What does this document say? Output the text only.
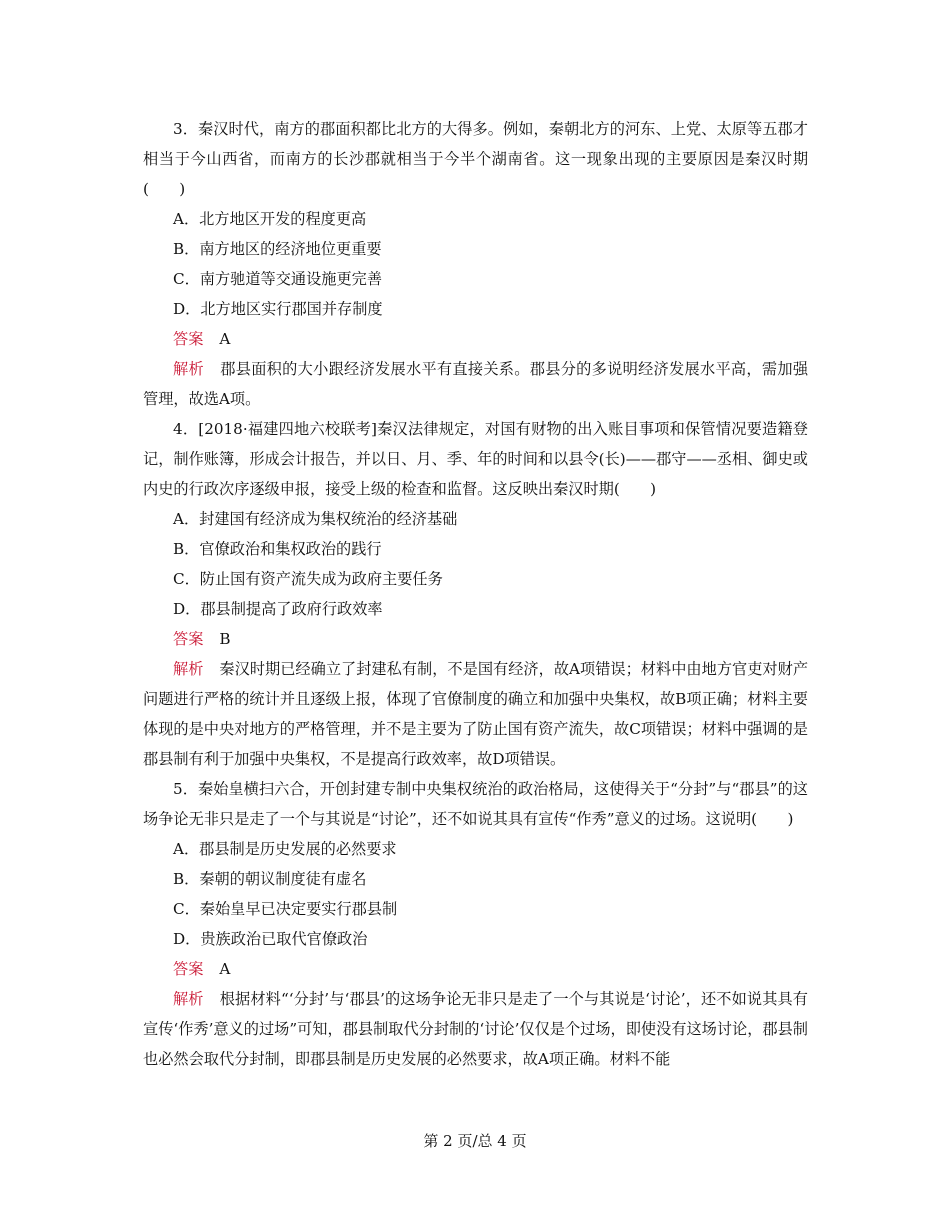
3．秦汉时代，南方的郡面积都比北方的大得多。例如，秦朝北方的河东、上党、太原等五郡才相当于今山西省，而南方的长沙郡就相当于今半个湖南省。这一现象出现的主要原因是秦汉时期(　　)

A．北方地区开发的程度更高

B．南方地区的经济地位更重要

C．南方驰道等交通设施更完善

D．北方地区实行郡国并存制度

答案 A

解析 郡县面积的大小跟经济发展水平有直接关系。郡县分的多说明经济发展水平高，需加强管理，故选A项。

4．[2018·福建四地六校联考]秦汉法律规定，对国有财物的出入账目事项和保管情况要造籍登记，制作账簿，形成会计报告，并以日、月、季、年的时间和以县令(长)——郡守——丞相、御史或内史的行政次序逐级申报，接受上级的检查和监督。这反映出秦汉时期(　　)

A．封建国有经济成为集权统治的经济基础

B．官僚政治和集权政治的践行

C．防止国有资产流失成为政府主要任务

D．郡县制提高了政府行政效率

答案 B

解析 秦汉时期已经确立了封建私有制，不是国有经济，故A项错误；材料中由地方官吏对财产问题进行严格的统计并且逐级上报，体现了官僚制度的确立和加强中央集权，故B项正确；材料主要体现的是中央对地方的严格管理，并不是主要为了防止国有资产流失，故C项错误；材料中强调的是郡县制有利于加强中央集权，不是提高行政效率，故D项错误。

5．秦始皇横扫六合，开创封建专制中央集权统治的政治格局，这使得关于“分封”与“郡县”的这场争论无非只是走了一个与其说是“讨论”，还不如说其具有宣传“作秀”意义的过场。这说明(　　)

A．郡县制是历史发展的必然要求

B．秦朝的朝议制度徒有虚名

C．秦始皇早已决定要实行郡县制

D．贵族政治已取代官僚政治

答案 A

解析 根据材料“‘分封’与‘郡县’的这场争论无非只是走了一个与其说是‘讨论’，还不如说其具有宣传‘作秀’意义的过场”可知，郡县制取代分封制的‘讨论’仅仅是个过场，即使没有这场讨论，郡县制也必然会取代分封制，即郡县制是历史发展的必然要求，故A项正确。材料不能

第 2 页/总 4 页
